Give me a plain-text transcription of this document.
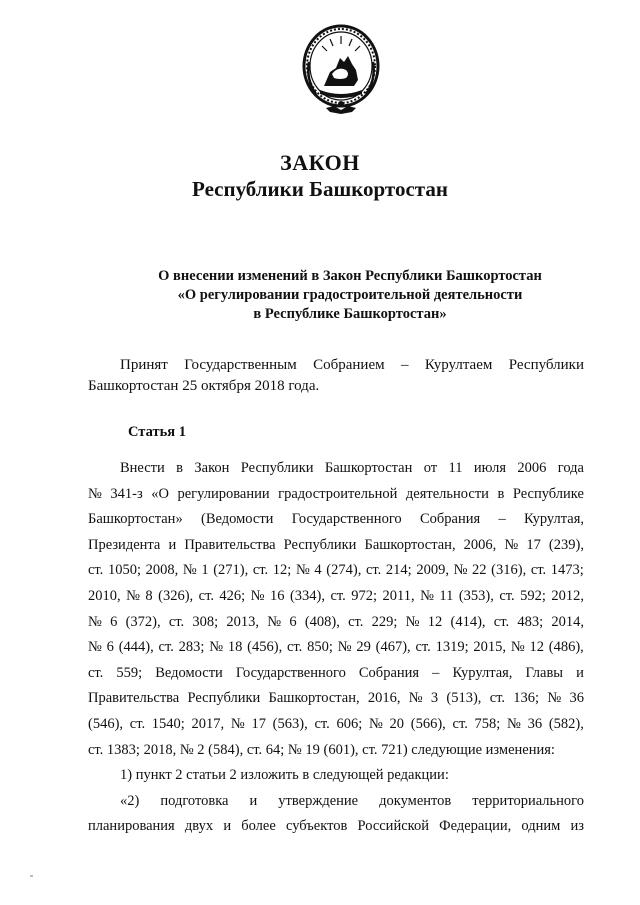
ЗАКОН
Республики Башкортостан
О внесении изменений в Закон Республики Башкортостан
«О регулировании градостроительной деятельности
в Республике Башкортостан»
Принят Государственным Собранием – Курултаем Республики
Башкортостан 25 октября 2018 года.
Статья 1
Внести в Закон Республики Башкортостан от 11 июля 2006 года
№ 341-з «О регулировании градостроительной деятельности в Республике
Башкортостан» (Ведомости Государственного Собрания – Курултая,
Президента и Правительства Республики Башкортостан, 2006, № 17 (239),
ст. 1050; 2008, № 1 (271), ст. 12; № 4 (274), ст. 214; 2009, № 22 (316), ст. 1473;
2010, № 8 (326), ст. 426; № 16 (334), ст. 972; 2011, № 11 (353), ст. 592; 2012,
№ 6 (372), ст. 308; 2013, № 6 (408), ст. 229; № 12 (414), ст. 483; 2014,
№ 6 (444), ст. 283; № 18 (456), ст. 850; № 29 (467), ст. 1319; 2015, № 12 (486),
ст. 559; Ведомости Государственного Собрания – Курултая, Главы и
Правительства Республики Башкортостан, 2016, № 3 (513), ст. 136; № 36
(546), ст. 1540; 2017, № 17 (563), ст. 606; № 20 (566), ст. 758; № 36 (582),
ст. 1383; 2018, № 2 (584), ст. 64; № 19 (601), ст. 721) следующие изменения:
1) пункт 2 статьи 2 изложить в следующей редакции:
«2) подготовка и утверждение документов территориального
планирования двух и более субъектов Российской Федерации, одним из
